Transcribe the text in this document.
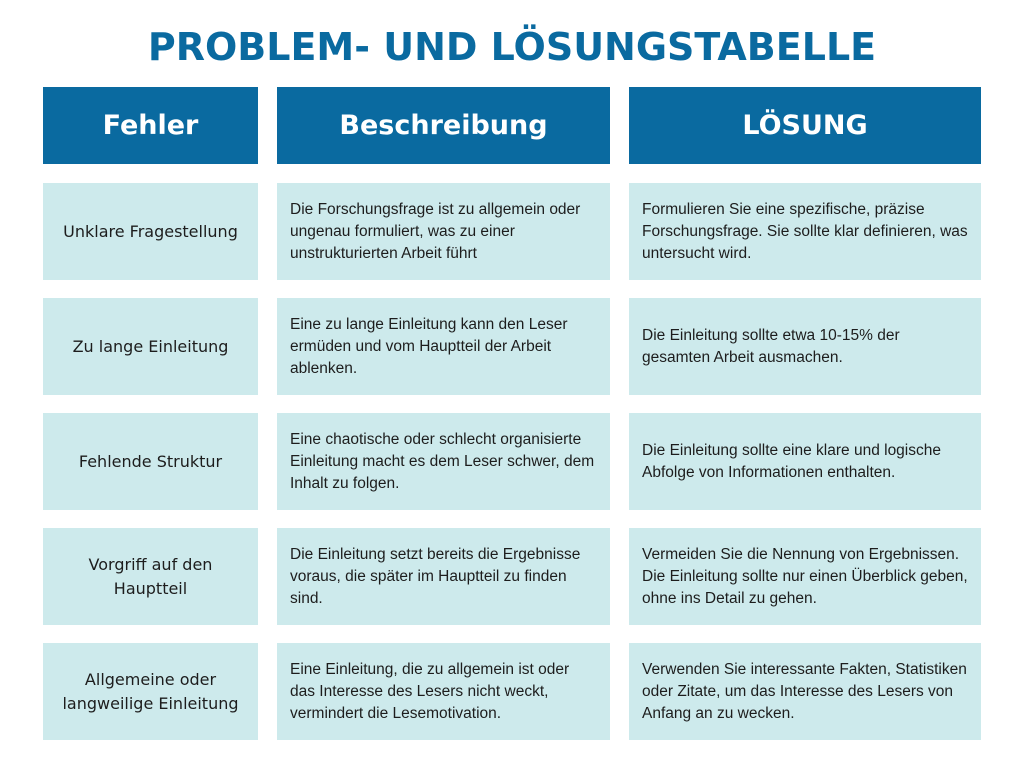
PROBLEM- UND LÖSUNGSTABELLE
Fehler	Beschreibung	LÖSUNG
Unklare Fragestellung
Die Forschungsfrage ist zu allgemein oder ungenau formuliert, was zu einer unstrukturierten Arbeit führt
Formulieren Sie eine spezifische, präzise Forschungsfrage. Sie sollte klar definieren, was untersucht wird.
Zu lange Einleitung
Eine zu lange Einleitung kann den Leser ermüden und vom Hauptteil der Arbeit ablenken.
Die Einleitung sollte etwa 10-15% der gesamten Arbeit ausmachen.
Fehlende Struktur
Eine chaotische oder schlecht organisierte Einleitung macht es dem Leser schwer, dem Inhalt zu folgen.
Die Einleitung sollte eine klare und logische Abfolge von Informationen enthalten.
Vorgriff auf den Hauptteil
Die Einleitung setzt bereits die Ergebnisse voraus, die später im Hauptteil zu finden sind.
Vermeiden Sie die Nennung von Ergebnissen. Die Einleitung sollte nur einen Überblick geben, ohne ins Detail zu gehen.
Allgemeine oder langweilige Einleitung
Eine Einleitung, die zu allgemein ist oder das Interesse des Lesers nicht weckt, vermindert die Lesemotivation.
Verwenden Sie interessante Fakten, Statistiken oder Zitate, um das Interesse des Lesers von Anfang an zu wecken.
